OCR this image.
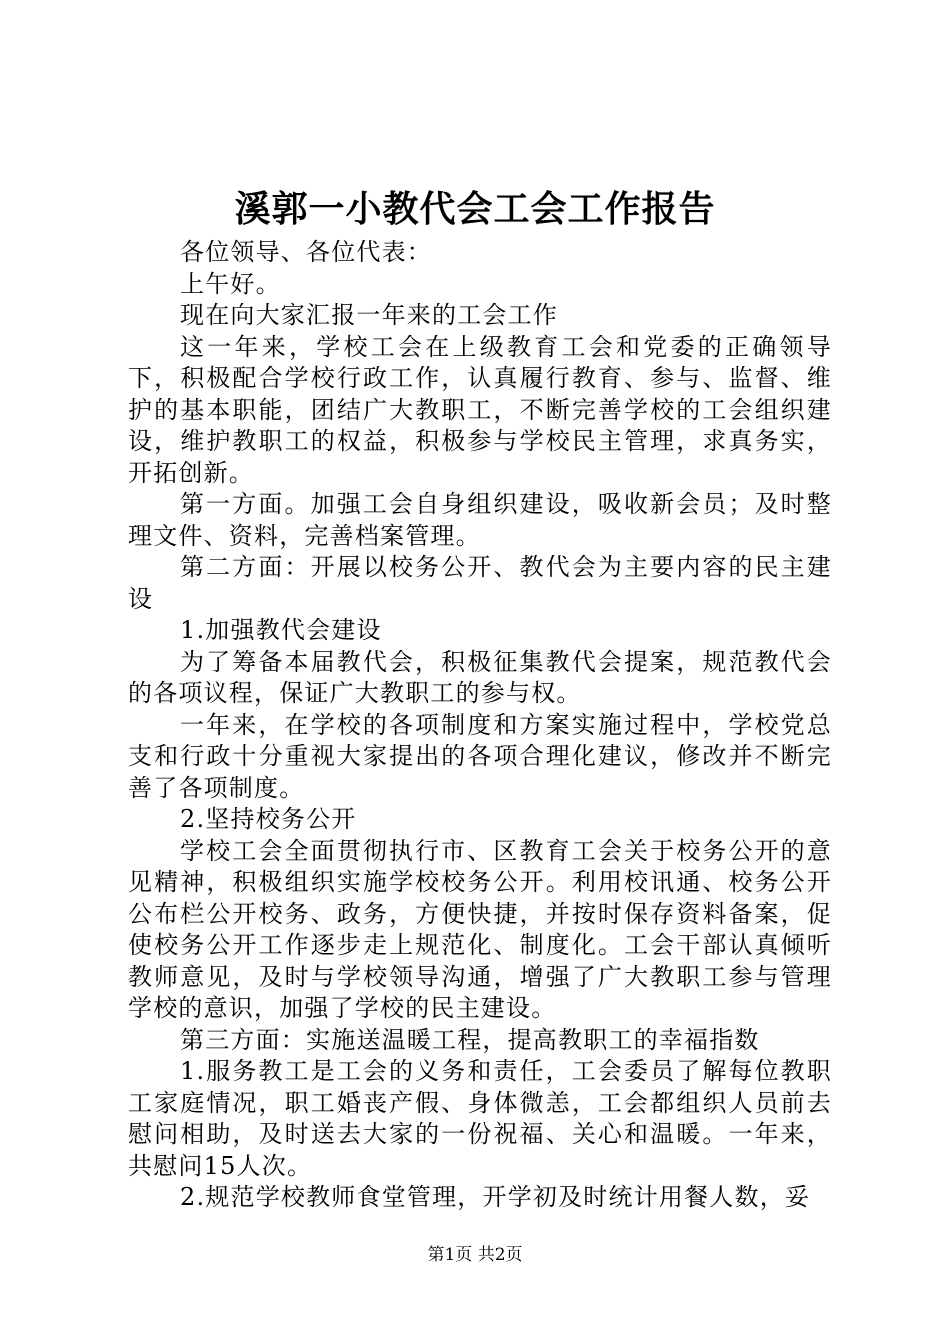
溪郭一小教代会工会工作报告

各位领导、各位代表：

上午好。

现在向大家汇报一年来的工会工作

这一年来，学校工会在上级教育工会和党委的正确领导下，积极配合学校行政工作，认真履行教育、参与、监督、维护的基本职能，团结广大教职工，不断完善学校的工会组织建设，维护教职工的权益，积极参与学校民主管理，求真务实，开拓创新。

第一方面。加强工会自身组织建设，吸收新会员；及时整理文件、资料，完善档案管理。

第二方面：开展以校务公开、教代会为主要内容的民主建设

1.加强教代会建设

为了筹备本届教代会，积极征集教代会提案，规范教代会的各项议程，保证广大教职工的参与权。

一年来，在学校的各项制度和方案实施过程中，学校党总支和行政十分重视大家提出的各项合理化建议，修改并不断完善了各项制度。

2.坚持校务公开

学校工会全面贯彻执行市、区教育工会关于校务公开的意见精神，积极组织实施学校校务公开。利用校讯通、校务公开公布栏公开校务、政务，方便快捷，并按时保存资料备案，促使校务公开工作逐步走上规范化、制度化。工会干部认真倾听教师意见，及时与学校领导沟通，增强了广大教职工参与管理学校的意识，加强了学校的民主建设。

第三方面：实施送温暖工程，提高教职工的幸福指数

1.服务教工是工会的义务和责任，工会委员了解每位教职工家庭情况，职工婚丧产假、身体微恙，工会都组织人员前去慰问相助，及时送去大家的一份祝福、关心和温暖。一年来，共慰问15人次。

2.规范学校教师食堂管理，开学初及时统计用餐人数，妥

第1页 共2页
